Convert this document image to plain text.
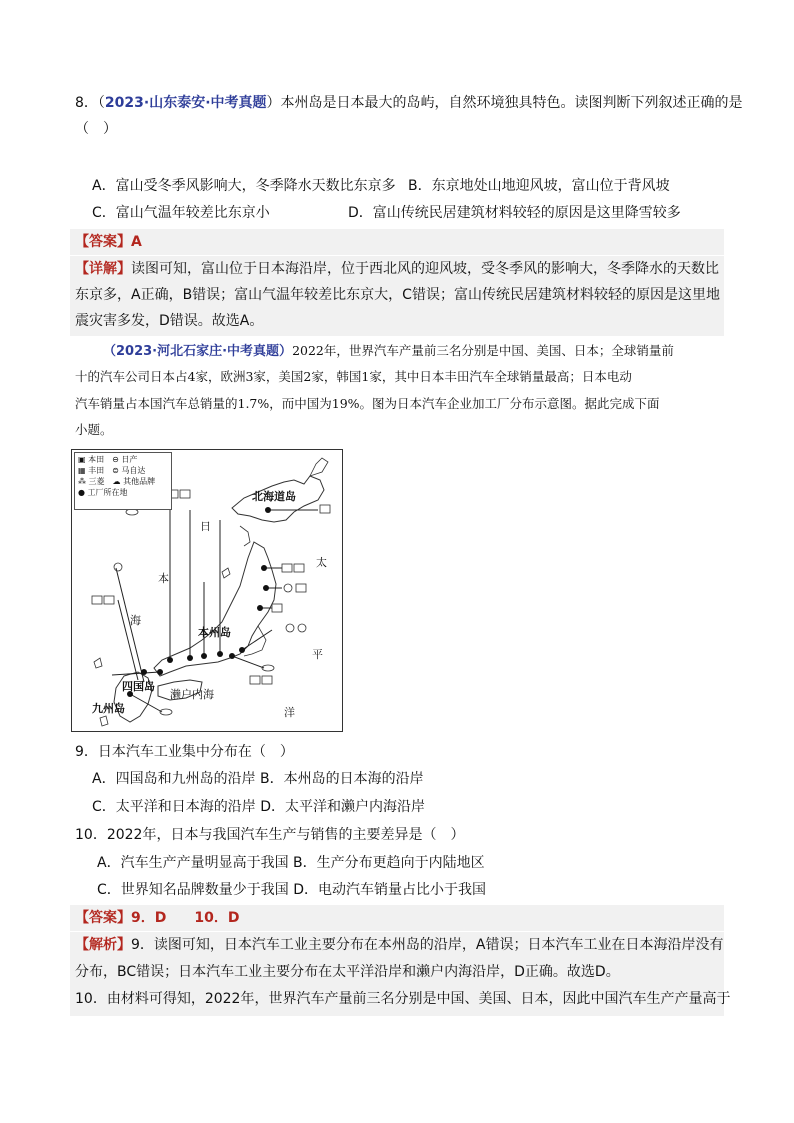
8．（2023·山东泰安·中考真题）本州岛是日本最大的岛屿，自然环境独具特色。读图判断下列叙述正确的是
（　）
A．富山受冬季风影响大，冬季降水天数比东京多 B．东京地处山地迎风坡，富山位于背风坡
C．富山气温年较差比东京小	D．富山传统民居建筑材料较轻的原因是这里降雪较多
【答案】A
【详解】读图可知，富山位于日本海沿岸，位于西北风的迎风坡，受冬季风的影响大，冬季降水的天数比
东京多，A正确，B错误；富山气温年较差比东京大，C错误；富山传统民居建筑材料较轻的原因是这里地
震灾害多发，D错误。故选A。
（2023·河北石家庄·中考真题）2022年，世界汽车产量前三名分别是中国、美国、日本；全球销量前
十的汽车公司日本占4家，欧洲3家，美国2家，韩国1家，其中日本丰田汽车全球销量最高；日本电动
汽车销量占本国汽车总销量的1.7%，而中国为19%。图为日本汽车企业加工厂分布示意图。据此完成下面
小题。
▣ 本田　 ⊖ 日产
▦ 丰田　 ⊜ 马自达
⁂ 三菱　 ☁ 其他品牌
● 工厂所在地	北海道岛
本州岛
四国岛
九州岛
濑户内海
日
本
海
太
平
洋
9．日本汽车工业集中分布在（　）
A．四国岛和九州岛的沿岸 B．本州岛的日本海的沿岸
C．太平洋和日本海的沿岸 D．太平洋和濑户内海沿岸
10．2022年，日本与我国汽车生产与销售的主要差异是（　）
A．汽车生产产量明显高于我国 B．生产分布更趋向于内陆地区
C．世界知名品牌数量少于我国 D．电动汽车销量占比小于我国
【答案】9．D　　10．D
【解析】9．读图可知，日本汽车工业主要分布在本州岛的沿岸，A错误；日本汽车工业在日本海沿岸没有
分布，BC错误；日本汽车工业主要分布在太平洋沿岸和濑户内海沿岸，D正确。故选D。
10．由材料可得知，2022年，世界汽车产量前三名分别是中国、美国、日本，因此中国汽车生产产量高于
